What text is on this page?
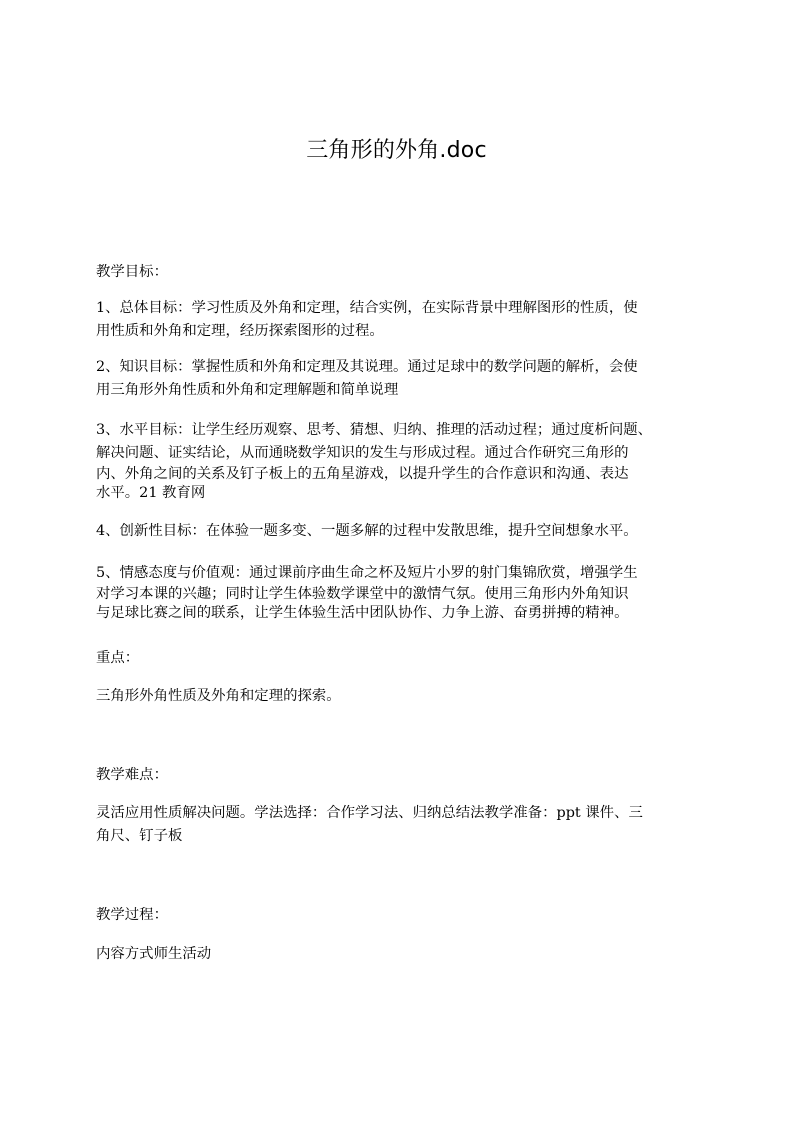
三角形的外角.doc
教学目标：
1、总体目标：学习性质及外角和定理，结合实例，在实际背景中理解图形的性质，使
用性质和外角和定理，经历探索图形的过程。
2、知识目标：掌握性质和外角和定理及其说理。通过足球中的数学问题的解析，会使
用三角形外角性质和外角和定理解题和简单说理
3、水平目标：让学生经历观察、思考、猜想、归纳、推理的活动过程；通过度析问题、
解决问题、证实结论，从而通晓数学知识的发生与形成过程。通过合作研究三角形的
内、外角之间的关系及钉子板上的五角星游戏，以提升学生的合作意识和沟通、表达
水平。21 教育网
4、创新性目标：在体验一题多变、一题多解的过程中发散思维，提升空间想象水平。
5、情感态度与价值观：通过课前序曲生命之杯及短片小罗的射门集锦欣赏，增强学生
对学习本课的兴趣；同时让学生体验数学课堂中的激情气氛。使用三角形内外角知识
与足球比赛之间的联系，让学生体验生活中团队协作、力争上游、奋勇拼搏的精神。
重点：
三角形外角性质及外角和定理的探索。
教学难点：
灵活应用性质解决问题。学法选择：合作学习法、归纳总结法教学准备：ppt 课件、三
角尺、钉子板
教学过程：
内容方式师生活动
